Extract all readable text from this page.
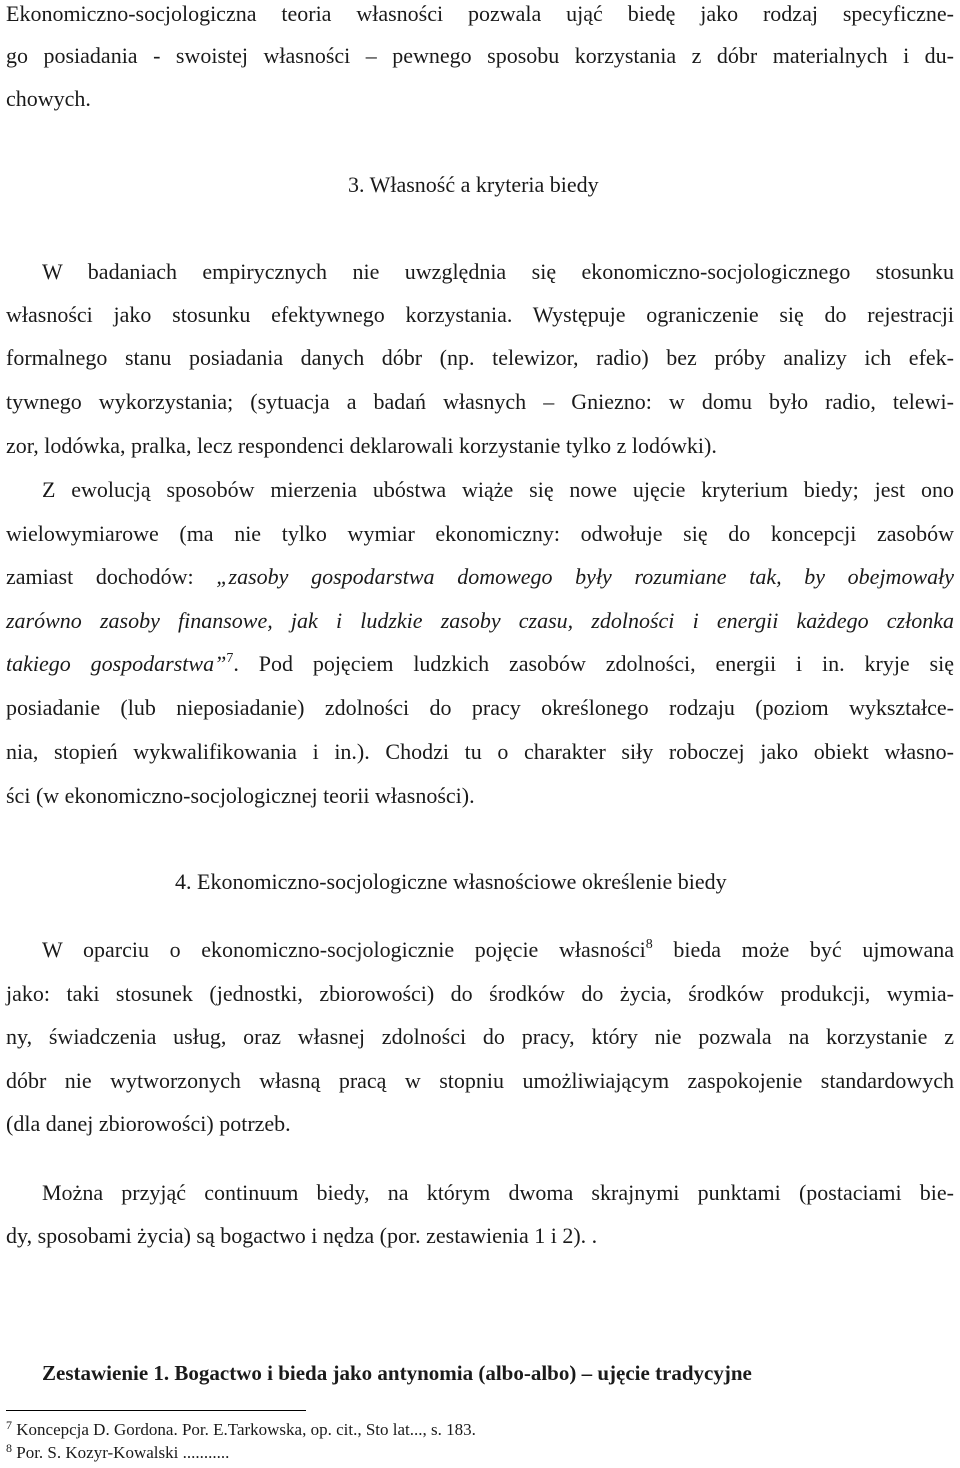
Ekonomiczno-socjologiczna teoria własności pozwala ująć biedę jako rodzaj specyficzne-
go posiadania - swoistej własności – pewnego sposobu korzystania z dóbr materialnych i du-
chowych.
3. Własność a kryteria biedy
W badaniach empirycznych nie uwzględnia się ekonomiczno-socjologicznego stosunku
własności jako stosunku efektywnego korzystania. Występuje ograniczenie się do rejestracji
formalnego stanu posiadania danych dóbr (np. telewizor, radio) bez próby analizy ich efek-
tywnego wykorzystania; (sytuacja a badań własnych – Gniezno: w domu było radio, telewi-
zor, lodówka, pralka, lecz respondenci deklarowali korzystanie tylko z lodówki).
Z ewolucją sposobów mierzenia ubóstwa wiąże się nowe ujęcie kryterium biedy; jest ono
wielowymiarowe (ma nie tylko wymiar ekonomiczny: odwołuje się do koncepcji zasobów
zamiast dochodów: „zasoby gospodarstwa domowego były rozumiane tak, by obejmowały
zarówno zasoby finansowe, jak i ludzkie zasoby czasu, zdolności i energii każdego członka
takiego gospodarstwa”$^7$. Pod pojęciem ludzkich zasobów zdolności, energii i in. kryje się
posiadanie (lub nieposiadanie) zdolności do pracy określonego rodzaju (poziom wykształce-
nia, stopień wykwalifikowania i in.). Chodzi tu o charakter siły roboczej jako obiekt własno-
ści (w ekonomiczno-socjologicznej teorii własności).
4. Ekonomiczno-socjologiczne własnościowe określenie biedy
W oparciu o ekonomiczno-socjologicznie pojęcie własności$^8$ bieda może być ujmowana
jako: taki stosunek (jednostki, zbiorowości) do środków do życia, środków produkcji, wymia-
ny, świadczenia usług, oraz własnej zdolności do pracy, który nie pozwala na korzystanie z
dóbr nie wytworzonych własną pracą w stopniu umożliwiającym zaspokojenie standardowych
(dla danej zbiorowości) potrzeb.
Można przyjąć continuum biedy, na którym dwoma skrajnymi punktami (postaciami bie-
dy, sposobami życia) są bogactwo i nędza (por. zestawienia 1 i 2). .
Zestawienie 1. Bogactwo i bieda jako antynomia (albo-albo) – ujęcie tradycyjne
$^7$ Koncepcja D. Gordona. Por. E.Tarkowska, op. cit., Sto lat..., s. 183.
$^8$ Por. S. Kozyr-Kowalski ...........
